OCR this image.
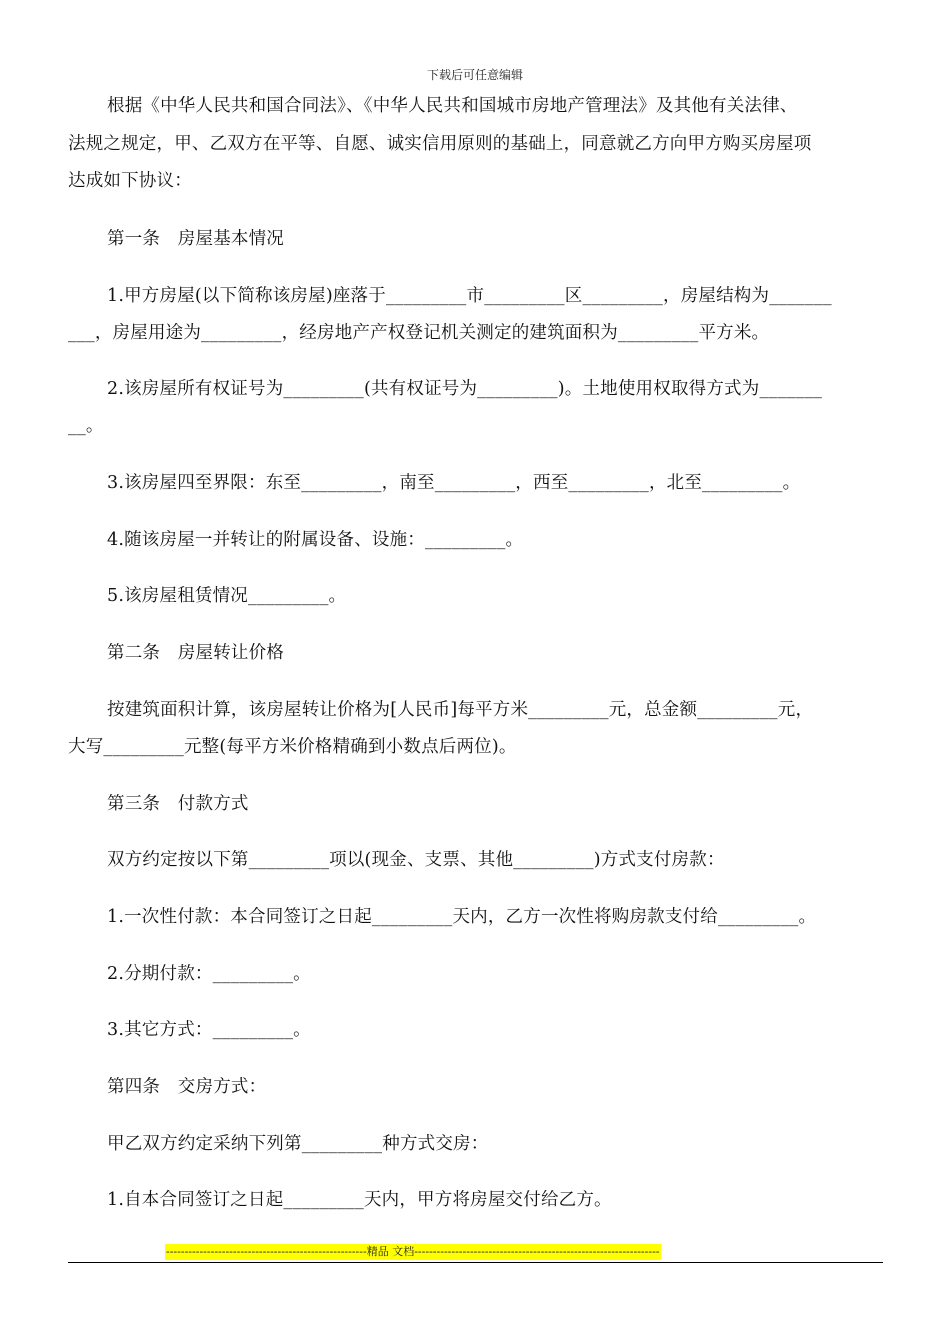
下载后可任意编辑
根据《中华人民共和国合同法》、《中华人民共和国城市房地产管理法》及其他有关法律、
法规之规定，甲、乙双方在平等、自愿、诚实信用原则的基础上，同意就乙方向甲方购买房屋项
达成如下协议：
第一条　房屋基本情况
1.甲方房屋(以下简称该房屋)座落于_________市_________区_________，房屋结构为_______
___，房屋用途为_________，经房地产产权登记机关测定的建筑面积为_________平方米。
2.该房屋所有权证号为_________(共有权证号为_________)。土地使用权取得方式为_______
__。
3.该房屋四至界限：东至_________，南至_________，西至_________，北至_________。
4.随该房屋一并转让的附属设备、设施：_________。
5.该房屋租赁情况_________。
第二条　房屋转让价格
按建筑面积计算，该房屋转让价格为[人民币]每平方米_________元，总金额_________元，
大写_________元整(每平方米价格精确到小数点后两位)。
第三条　付款方式
双方约定按以下第_________项以(现金、支票、其他_________)方式支付房款：
1.一次性付款：本合同签订之日起_________天内，乙方一次性将购房款支付给_________。
2.分期付款：_________。
3.其它方式：_________。
第四条　交房方式：
甲乙双方约定采纳下列第_________种方式交房：
1.自本合同签订之日起_________天内，甲方将房屋交付给乙方。
------------------------------------------------------精品 文档------------------------------------------------------------------
